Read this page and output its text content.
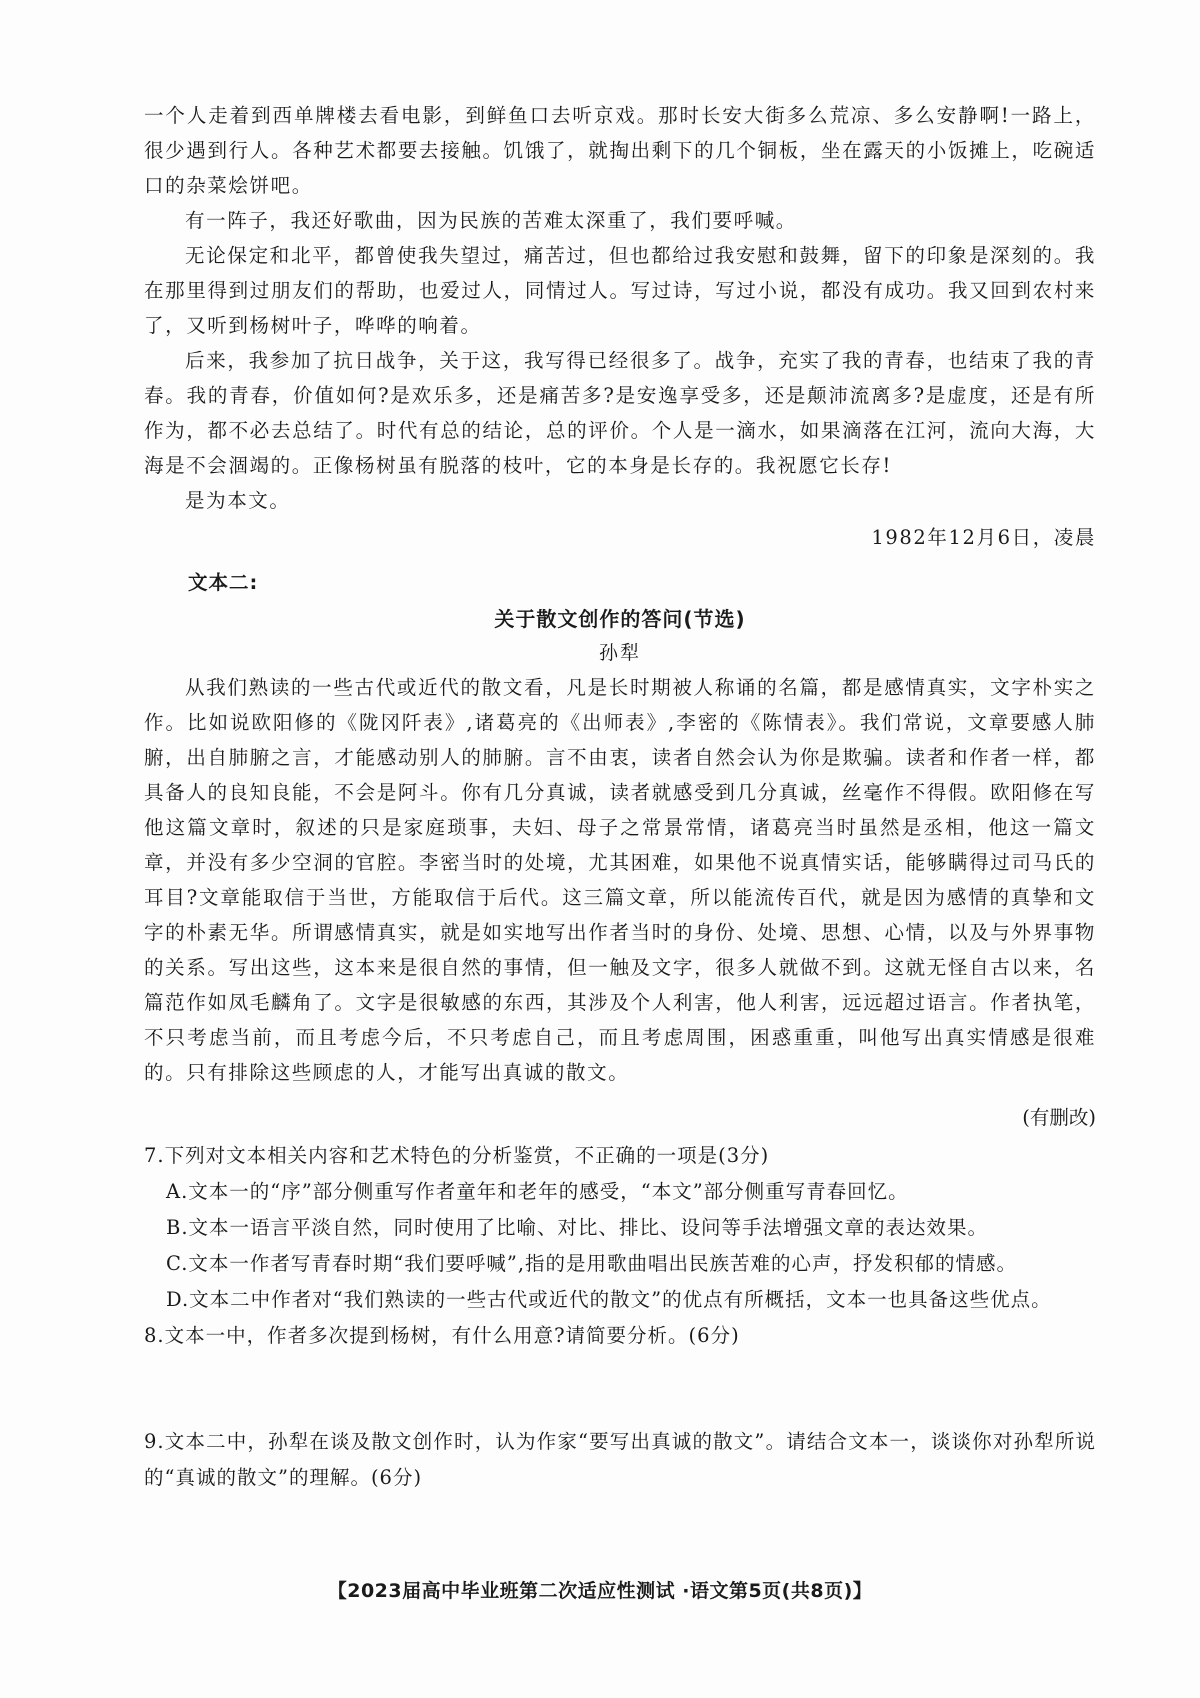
一个人走着到西单牌楼去看电影，到鲜鱼口去听京戏。那时长安大街多么荒凉、多么安静啊!一路上，很少遇到行人。各种艺术都要去接触。饥饿了，就掏出剩下的几个铜板，坐在露天的小饭摊上，吃碗适口的杂菜烩饼吧。

有一阵子，我还好歌曲，因为民族的苦难太深重了，我们要呼喊。

无论保定和北平，都曾使我失望过，痛苦过，但也都给过我安慰和鼓舞，留下的印象是深刻的。我在那里得到过朋友们的帮助，也爱过人，同情过人。写过诗，写过小说，都没有成功。我又回到农村来了，又听到杨树叶子，哗哗的响着。

后来，我参加了抗日战争，关于这，我写得已经很多了。战争，充实了我的青春，也结束了我的青春。我的青春，价值如何?是欢乐多，还是痛苦多?是安逸享受多，还是颠沛流离多?是虚度，还是有所作为，都不必去总结了。时代有总的结论，总的评价。个人是一滴水，如果滴落在江河，流向大海，大海是不会涸竭的。正像杨树虽有脱落的枝叶，它的本身是长存的。我祝愿它长存!

是为本文。

1982年12月6日，凌晨

文本二:

关于散文创作的答问(节选)

孙犁

从我们熟读的一些古代或近代的散文看，凡是长时期被人称诵的名篇，都是感情真实，文字朴实之作。比如说欧阳修的《陇冈阡表》,诸葛亮的《出师表》,李密的《陈情表》。我们常说，文章要感人肺腑，出自肺腑之言，才能感动别人的肺腑。言不由衷，读者自然会认为你是欺骗。读者和作者一样，都具备人的良知良能，不会是阿斗。你有几分真诚，读者就感受到几分真诚，丝毫作不得假。欧阳修在写他这篇文章时，叙述的只是家庭琐事，夫妇、母子之常景常情，诸葛亮当时虽然是丞相，他这一篇文章，并没有多少空洞的官腔。李密当时的处境，尤其困难，如果他不说真情实话，能够瞒得过司马氏的耳目?文章能取信于当世，方能取信于后代。这三篇文章，所以能流传百代，就是因为感情的真挚和文字的朴素无华。所谓感情真实，就是如实地写出作者当时的身份、处境、思想、心情，以及与外界事物的关系。写出这些，这本来是很自然的事情，但一触及文字，很多人就做不到。这就无怪自古以来，名篇范作如凤毛麟角了。文字是很敏感的东西，其涉及个人利害，他人利害，远远超过语言。作者执笔，不只考虑当前，而且考虑今后，不只考虑自己，而且考虑周围，困惑重重，叫他写出真实情感是很难的。只有排除这些顾虑的人，才能写出真诚的散文。

(有删改)

7.下列对文本相关内容和艺术特色的分析鉴赏，不正确的一项是(3分)

A.文本一的“序”部分侧重写作者童年和老年的感受，“本文”部分侧重写青春回忆。

B.文本一语言平淡自然，同时使用了比喻、对比、排比、设问等手法增强文章的表达效果。

C.文本一作者写青春时期“我们要呼喊”,指的是用歌曲唱出民族苦难的心声，抒发积郁的情感。

D.文本二中作者对“我们熟读的一些古代或近代的散文”的优点有所概括，文本一也具备这些优点。

8.文本一中，作者多次提到杨树，有什么用意?请简要分析。(6分)

9.文本二中，孙犁在谈及散文创作时，认为作家“要写出真诚的散文”。请结合文本一，谈谈你对孙犁所说的“真诚的散文”的理解。(6分)

【2023届高中毕业班第二次适应性测试 ·语文第5页(共8页)】
